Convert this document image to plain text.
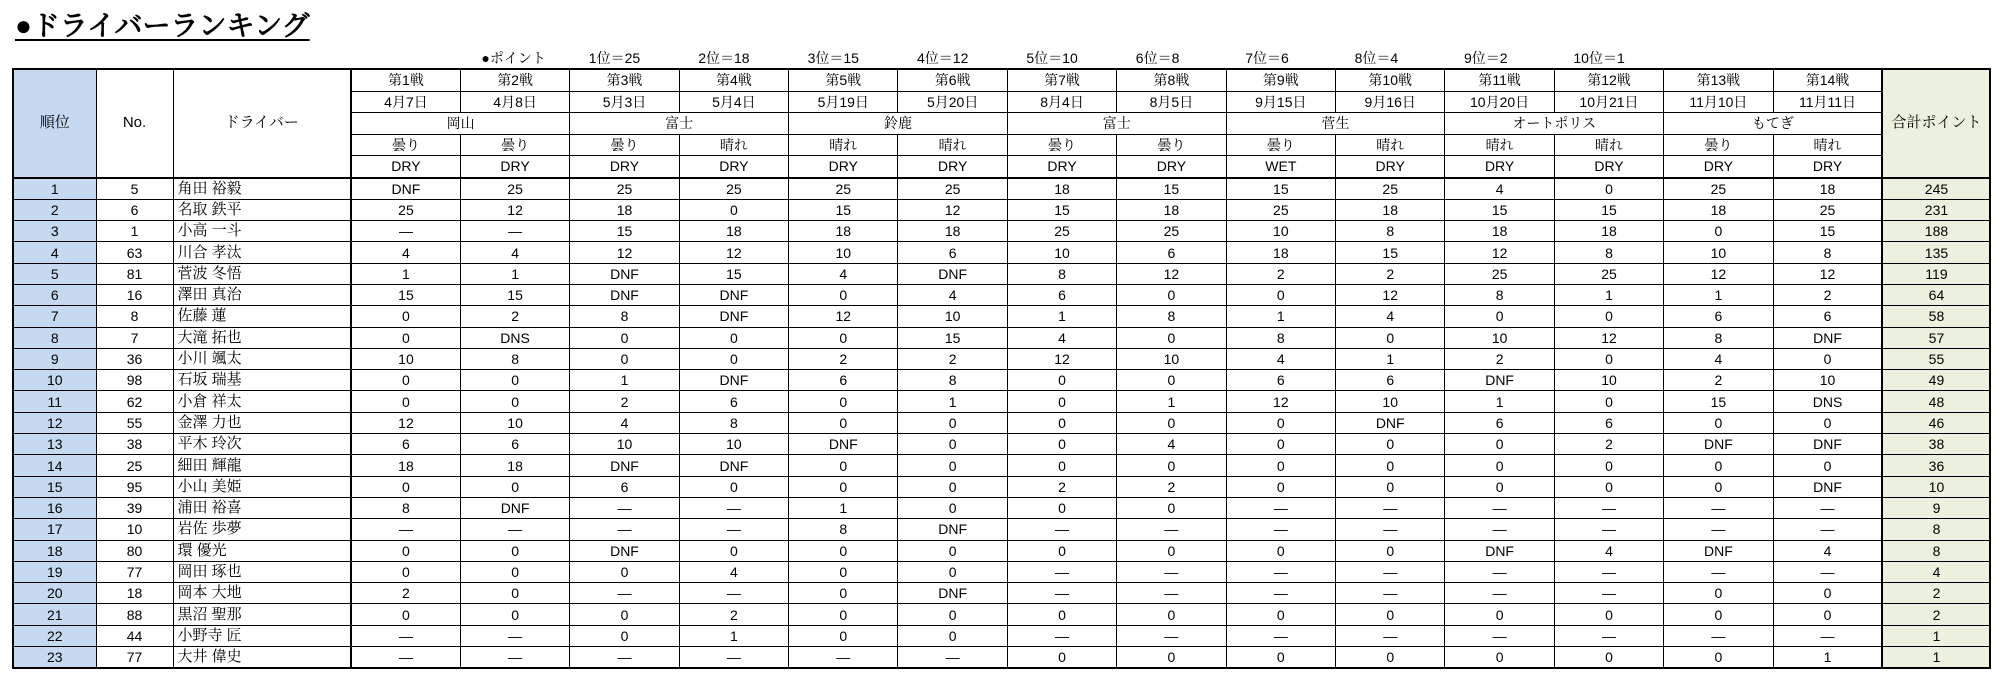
●ドライバーランキング
●ポイント	1位＝25	2位＝18	3位＝15	4位＝12	5位＝10	6位＝8	7位＝6	8位＝4	9位＝2	10位＝1
順位	No.	ドライバー	第1戦	第2戦	第3戦	第4戦	第5戦	第6戦	第7戦	第8戦	第9戦	第10戦	第11戦	第12戦	第13戦	第14戦	合計ポイント
			4月7日	4月8日	5月3日	5月4日	5月19日	5月20日	8月4日	8月5日	9月15日	9月16日	10月20日	10月21日	11月10日	11月11日	
			岡山		富士		鈴鹿		富士		菅生		オートポリス		もてぎ		
			曇り	曇り	曇り	晴れ	晴れ	晴れ	曇り	曇り	曇り	晴れ	晴れ	晴れ	曇り	晴れ	
			DRY	DRY	DRY	DRY	DRY	DRY	DRY	DRY	WET	DRY	DRY	DRY	DRY	DRY	
1	5	角田 裕毅	DNF	25	25	25	25	25	18	15	15	25	4	0	25	18	245
2	6	名取 鉄平	25	12	18	0	15	12	15	18	25	18	15	15	18	25	231
3	1	小高 一斗	—	—	15	18	18	18	25	25	10	8	18	18	0	15	188
4	63	川合 孝汰	4	4	12	12	10	6	10	6	18	15	12	8	10	8	135
5	81	菅波 冬悟	1	1	DNF	15	4	DNF	8	12	2	2	25	25	12	12	119
6	16	澤田 真治	15	15	DNF	DNF	0	4	6	0	0	12	8	1	1	2	64
7	8	佐藤 蓮	0	2	8	DNF	12	10	1	8	1	4	0	0	6	6	58
8	7	大滝 拓也	0	DNS	0	0	0	15	4	0	8	0	10	12	8	DNF	57
9	36	小川 颯太	10	8	0	0	2	2	12	10	4	1	2	0	4	0	55
10	98	石坂 瑞基	0	0	1	DNF	6	8	0	0	6	6	DNF	10	2	10	49
11	62	小倉 祥太	0	0	2	6	0	1	0	1	12	10	1	0	15	DNS	48
12	55	金澤 力也	12	10	4	8	0	0	0	0	0	DNF	6	6	0	0	46
13	38	平木 玲次	6	6	10	10	DNF	0	0	4	0	0	0	2	DNF	DNF	38
14	25	細田 輝龍	18	18	DNF	DNF	0	0	0	0	0	0	0	0	0	0	36
15	95	小山 美姫	0	0	6	0	0	0	2	2	0	0	0	0	0	DNF	10
16	39	浦田 裕喜	8	DNF	—	—	1	0	0	0	—	—	—	—	—	—	9
17	10	岩佐 歩夢	—	—	—	—	8	DNF	—	—	—	—	—	—	—	—	8
18	80	環 優光	0	0	DNF	0	0	0	0	0	0	0	DNF	4	DNF	4	8
19	77	岡田 琢也	0	0	0	4	0	0	—	—	—	—	—	—	—	—	4
20	18	岡本 大地	2	0	—	—	0	DNF	—	—	—	—	—	—	0	0	2
21	88	黒沼 聖那	0	0	0	2	0	0	0	0	0	0	0	0	0	0	2
22	44	小野寺 匠	—	—	0	1	0	0	—	—	—	—	—	—	—	—	1
23	77	大井 偉史	—	—	—	—	—	—	0	0	0	0	0	0	0	1	1
